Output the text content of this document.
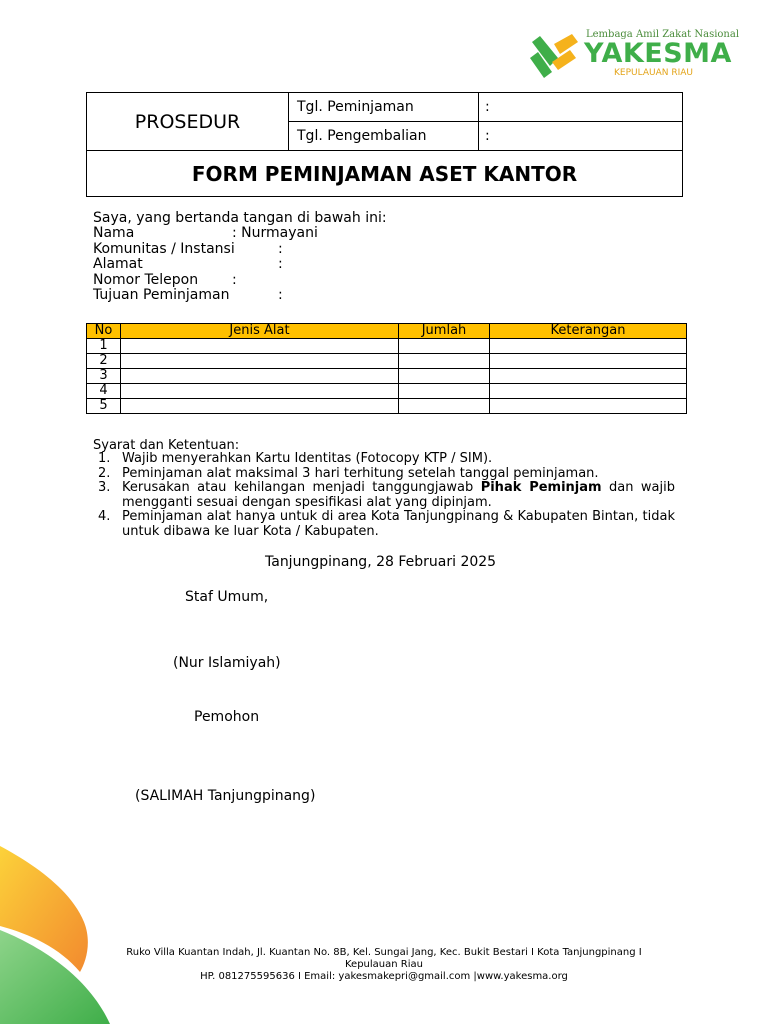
Lembaga Amil Zakat Nasional
YAKESMA
KEPULAUAN RIAU
PROSEDUR
Tgl. Peminjaman	:
Tgl. Pengembalian	:
FORM PEMINJAMAN ASET KANTOR
Saya, yang bertanda tangan di bawah ini:
Nama	: Nurmayani
Komunitas / Instansi	:
Alamat	:
Nomor Telepon :
Tujuan Peminjaman	:
No	Jenis Alat	Jumlah	Keterangan
1			
2			
3			
4			
5			
Syarat dan Ketentuan:
1. Wajib menyerahkan Kartu Identitas (Fotocopy KTP / SIM).
2. Peminjaman alat maksimal 3 hari terhitung setelah tanggal peminjaman.
3. Kerusakan atau kehilangan menjadi tanggungjawab Pihak Peminjam dan wajib mengganti sesuai dengan spesifikasi alat yang dipinjam.
4. Peminjaman alat hanya untuk di area Kota Tanjungpinang & Kabupaten Bintan, tidak untuk dibawa ke luar Kota / Kabupaten.
Tanjungpinang, 28 Februari 2025
Staf Umum,
(Nur Islamiyah)
Pemohon
(SALIMAH Tanjungpinang)
Ruko Villa Kuantan Indah, Jl. Kuantan No. 8B, Kel. Sungai Jang, Kec. Bukit Bestari I Kota Tanjungpinang I Kepulauan Riau
HP. 081275595636 I Email: yakesmakepri@gmail.com |www.yakesma.org
